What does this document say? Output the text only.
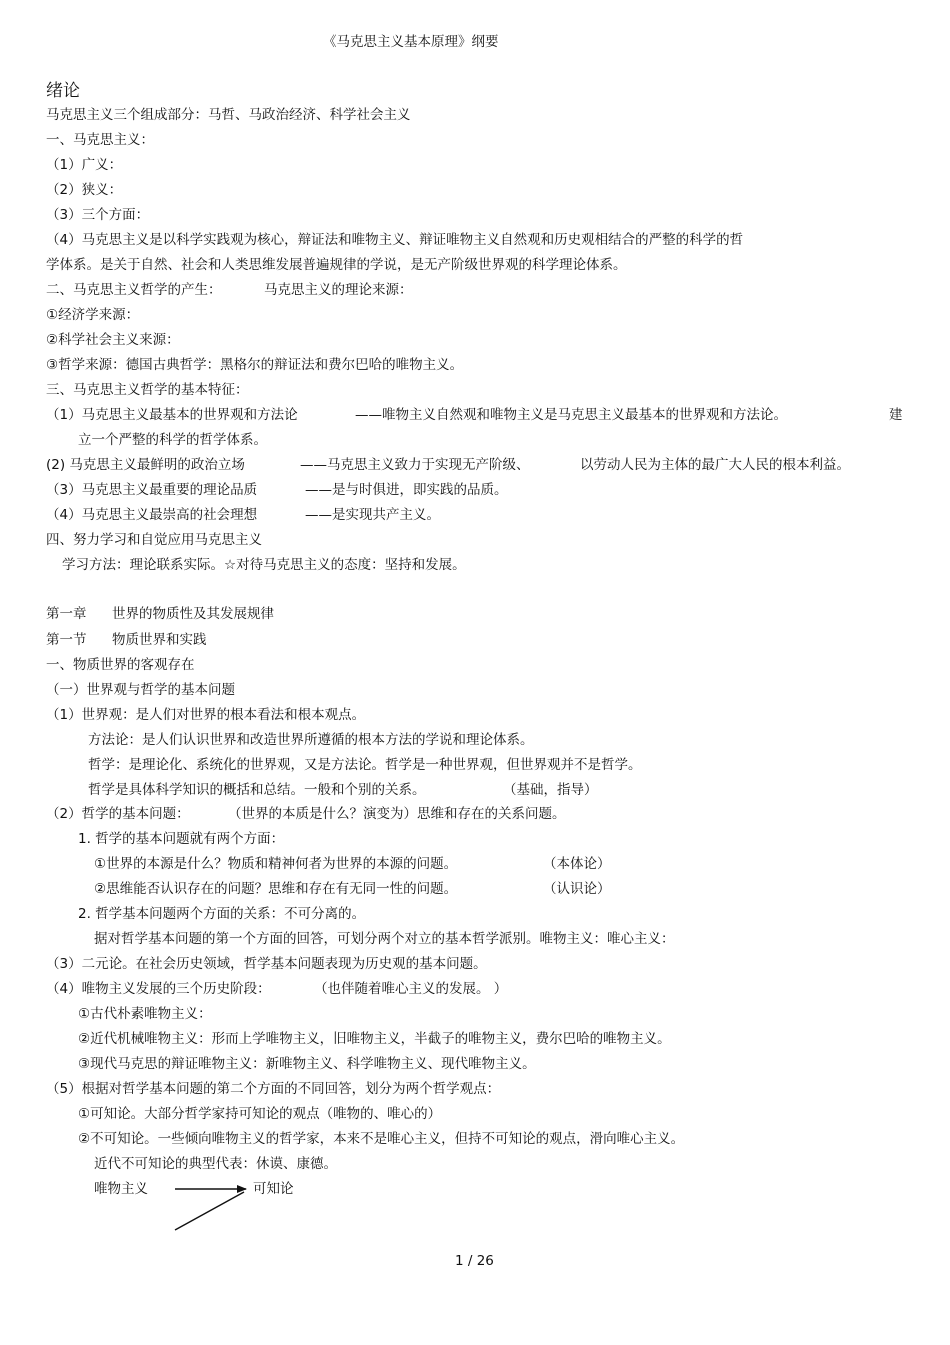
《马克思主义基本原理》纲要
绪论
马克思主义三个组成部分：马哲、马政治经济、科学社会主义
一、马克思主义：
（1）广义：
（2）狭义：
（3）三个方面：
（4）马克思主义是以科学实践观为核心，辩证法和唯物主义、辩证唯物主义自然观和历史观相结合的严整的科学的哲
学体系。是关于自然、社会和人类思维发展普遍规律的学说，是无产阶级世界观的科学理论体系。
二、马克思主义哲学的产生：	马克思主义的理论来源：
①经济学来源：
②科学社会主义来源：
③哲学来源：德国古典哲学：黑格尔的辩证法和费尔巴哈的唯物主义。
三、马克思主义哲学的基本特征：
（1）马克思主义最基本的世界观和方法论	——唯物主义自然观和唯物主义是马克思主义最基本的世界观和方法论。	建
立一个严整的科学的哲学体系。
(2) 马克思主义最鲜明的政治立场	——马克思主义致力于实现无产阶级、	以劳动人民为主体的最广大人民的根本利益。
（3）马克思主义最重要的理论品质	——是与时俱进，即实践的品质。
（4）马克思主义最崇高的社会理想	——是实现共产主义。
四、努力学习和自觉应用马克思主义
学习方法：理论联系实际。☆对待马克思主义的态度：坚持和发展。
第一章 世界的物质性及其发展规律
第一节 物质世界和实践
一、物质世界的客观存在
（一）世界观与哲学的基本问题
（1）世界观：是人们对世界的根本看法和根本观点。
方法论：是人们认识世界和改造世界所遵循的根本方法的学说和理论体系。
哲学：是理论化、系统化的世界观，又是方法论。哲学是一种世界观，但世界观并不是哲学。
哲学是具体科学知识的概括和总结。一般和个别的关系。	（基础，指导）
（2）哲学的基本问题：	（世界的本质是什么？演变为）思维和存在的关系问题。
1. 哲学的基本问题就有两个方面：
①世界的本源是什么？物质和精神何者为世界的本源的问题。	（本体论）
②思维能否认识存在的问题？思维和存在有无同一性的问题。	（认识论）
2. 哲学基本问题两个方面的关系：不可分离的。
据对哲学基本问题的第一个方面的回答，可划分两个对立的基本哲学派别。唯物主义：唯心主义：
（3）二元论。在社会历史领域，哲学基本问题表现为历史观的基本问题。
（4）唯物主义发展的三个历史阶段：	（也伴随着唯心主义的发展。 ）
①古代朴素唯物主义：
②近代机械唯物主义：形而上学唯物主义，旧唯物主义，半截子的唯物主义，费尔巴哈的唯物主义。
③现代马克思的辩证唯物主义：新唯物主义、科学唯物主义、现代唯物主义。
（5）根据对哲学基本问题的第二个方面的不同回答，划分为两个哲学观点：
①可知论。大部分哲学家持可知论的观点（唯物的、唯心的）
②不可知论。一些倾向唯物主义的哲学家，本来不是唯心主义，但持不可知论的观点，滑向唯心主义。
近代不可知论的典型代表：休谟、康德。
唯物主义	可知论
1 / 26
